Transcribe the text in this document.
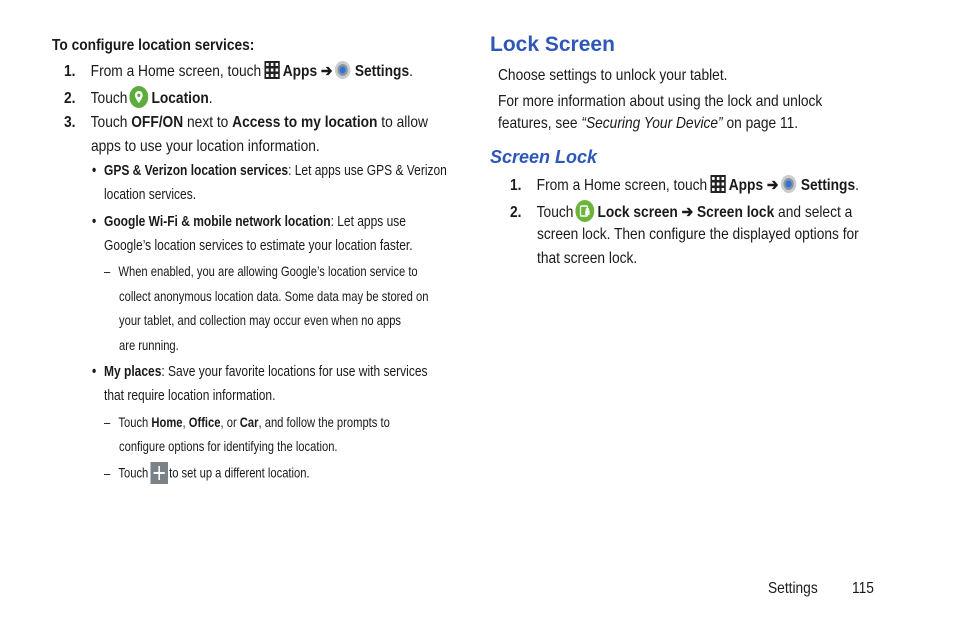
To configure location services:
1. From a Home screen, touch Apps ➔ Settings.
2. Touch Location.
3. Touch OFF/ON next to Access to my location to allow
apps to use your location information.
• GPS & Verizon location services: Let apps use GPS & Verizon
location services.
• Google Wi-Fi & mobile network location: Let apps use
Google’s location services to estimate your location faster.
– When enabled, you are allowing Google’s location service to
collect anonymous location data. Some data may be stored on
your tablet, and collection may occur even when no apps
are running.
• My places: Save your favorite locations for use with services
that require location information.
– Touch Home, Office, or Car, and follow the prompts to
configure options for identifying the location.
– Touch to set up a different location.
Lock Screen
Choose settings to unlock your tablet.
For more information about using the lock and unlock
features, see “Securing Your Device” on page 11.
Screen Lock
1. From a Home screen, touch Apps ➔ Settings.
2. Touch Lock screen ➔ Screen lock and select a
screen lock. Then configure the displayed options for
that screen lock.
Settings 115
